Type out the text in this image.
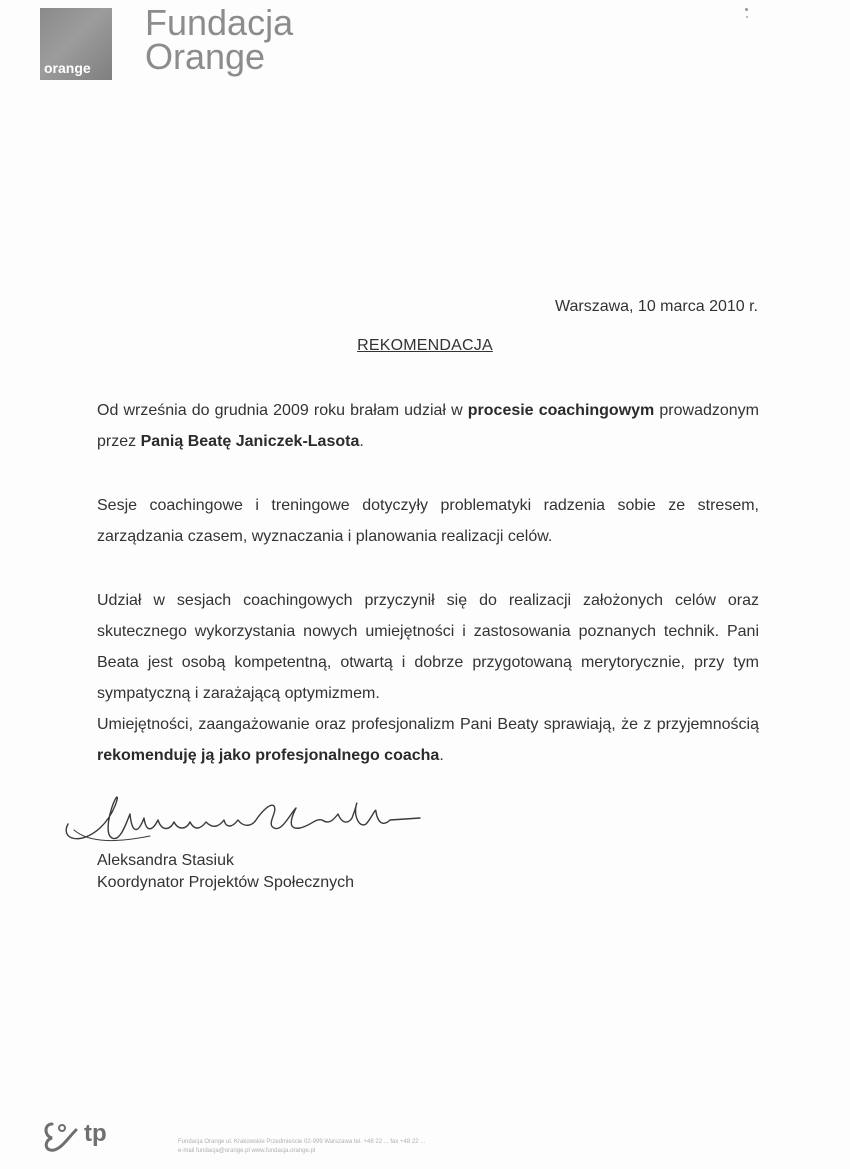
orange
Fundacja
Orange
Warszawa, 10 marca 2010 r.
REKOMENDACJA

Od września do grudnia 2009 roku brałam udział w procesie coachingowym prowadzonym przez Panią Beatę Janiczek-Lasota.

Sesje coachingowe i treningowe dotyczyły problematyki radzenia sobie ze stresem, zarządzania czasem, wyznaczania i planowania realizacji celów.

Udział w sesjach coachingowych przyczynił się do realizacji założonych celów oraz skutecznego wykorzystania nowych umiejętności i zastosowania poznanych technik. Pani Beata jest osobą kompetentną, otwartą i dobrze przygotowaną merytorycznie, przy tym sympatyczną i zarażającą optymizmem.

Umiejętności, zaangażowanie oraz profesjonalizm Pani Beaty sprawiają, że z przyjemnością rekomenduję ją jako profesjonalnego coacha.

Aleksandra Stasiuk
Koordynator Projektów Społecznych
tp	Fundacja Orange ul. Krakowskie Przedmieście 02-999 Warszawa tel. +48 22 ... fax +48 22 ...
e-mail fundacja@orange.pl www.fundacja.orange.pl
